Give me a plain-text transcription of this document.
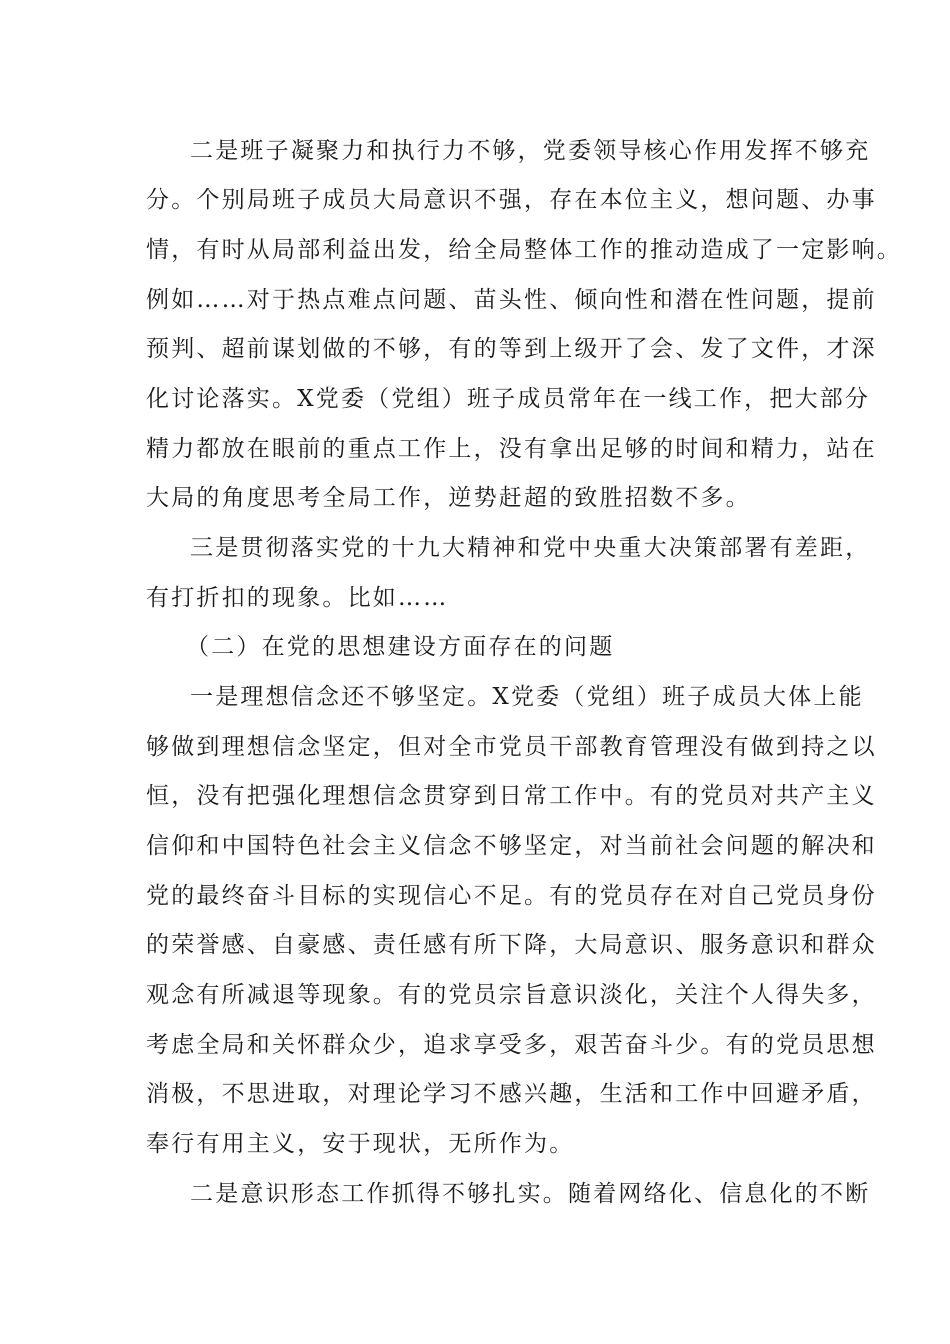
二是班子凝聚力和执行力不够，党委领导核心作用发挥不够充

分。个别局班子成员大局意识不强，存在本位主义，想问题、办事

情，有时从局部利益出发，给全局整体工作的推动造成了一定影响。

例如……对于热点难点问题、苗头性、倾向性和潜在性问题，提前

预判、超前谋划做的不够，有的等到上级开了会、发了文件，才深

化讨论落实。X党委（党组）班子成员常年在一线工作，把大部分

精力都放在眼前的重点工作上，没有拿出足够的时间和精力，站在

大局的角度思考全局工作，逆势赶超的致胜招数不多。

三是贯彻落实党的十九大精神和党中央重大决策部署有差距，

有打折扣的现象。比如……

（二）在党的思想建设方面存在的问题

一是理想信念还不够坚定。X党委（党组）班子成员大体上能

够做到理想信念坚定，但对全市党员干部教育管理没有做到持之以

恒，没有把强化理想信念贯穿到日常工作中。有的党员对共产主义

信仰和中国特色社会主义信念不够坚定，对当前社会问题的解决和

党的最终奋斗目标的实现信心不足。有的党员存在对自己党员身份

的荣誉感、自豪感、责任感有所下降，大局意识、服务意识和群众

观念有所减退等现象。有的党员宗旨意识淡化，关注个人得失多，

考虑全局和关怀群众少，追求享受多，艰苦奋斗少。有的党员思想

消极，不思进取，对理论学习不感兴趣，生活和工作中回避矛盾，

奉行有用主义，安于现状，无所作为。

二是意识形态工作抓得不够扎实。随着网络化、信息化的不断
